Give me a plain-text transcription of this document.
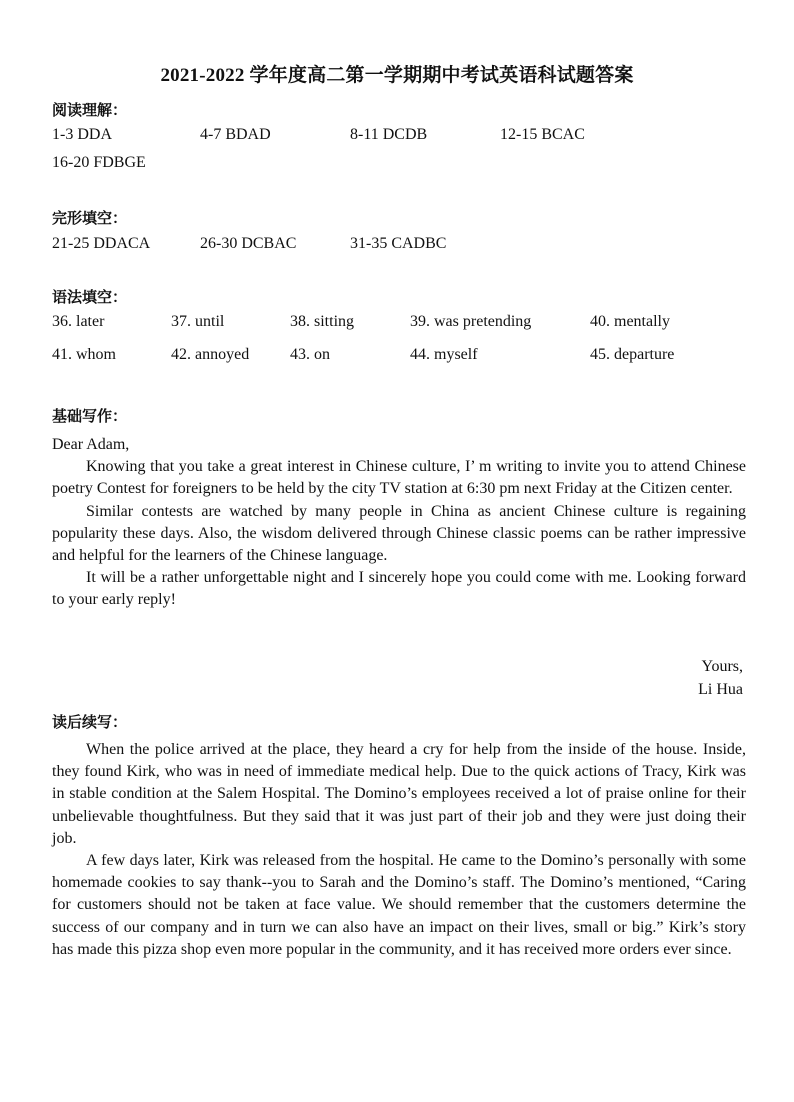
2021-2022 学年度高二第一学期期中考试英语科试题答案
阅读理解：
1-3 DDA	4-7 BDAD	8-11 DCDB	12-15 BCAC
16-20 FDBGE
完形填空：
21-25 DDACA	26-30 DCBAC	31-35 CADBC
语法填空：
36. later	37. until	38. sitting	39. was pretending	40. mentally
41. whom	42. annoyed	43. on	44. myself	45. departure
基础写作：

Dear Adam,

Knowing that you take a great interest in Chinese culture, I’ m writing to invite you to attend Chinese poetry Contest for foreigners to be held by the city TV station at 6:30 pm next Friday at the Citizen center.

Similar contests are watched by many people in China as ancient Chinese culture is regaining popularity these days. Also, the wisdom delivered through Chinese classic poems can be rather impressive and helpful for the learners of the Chinese language.

It will be a rather unforgettable night and I sincerely hope you could come with me. Looking forward to your early reply!

Yours,
Li Hua
读后续写：

When the police arrived at the place, they heard a cry for help from the inside of the house. Inside, they found Kirk, who was in need of immediate medical help. Due to the quick actions of Tracy, Kirk was in stable condition at the Salem Hospital. The Domino’s employees received a lot of praise online for their unbelievable thoughtfulness. But they said that it was just part of their job and they were just doing their job.

A few days later, Kirk was released from the hospital. He came to the Domino’s personally with some homemade cookies to say thank--you to Sarah and the Domino’s staff. The Domino’s mentioned, “Caring for customers should not be taken at face value. We should remember that the customers determine the success of our company and in turn we can also have an impact on their lives, small or big.” Kirk’s story has made this pizza shop even more popular in the community, and it has received more orders ever since.
